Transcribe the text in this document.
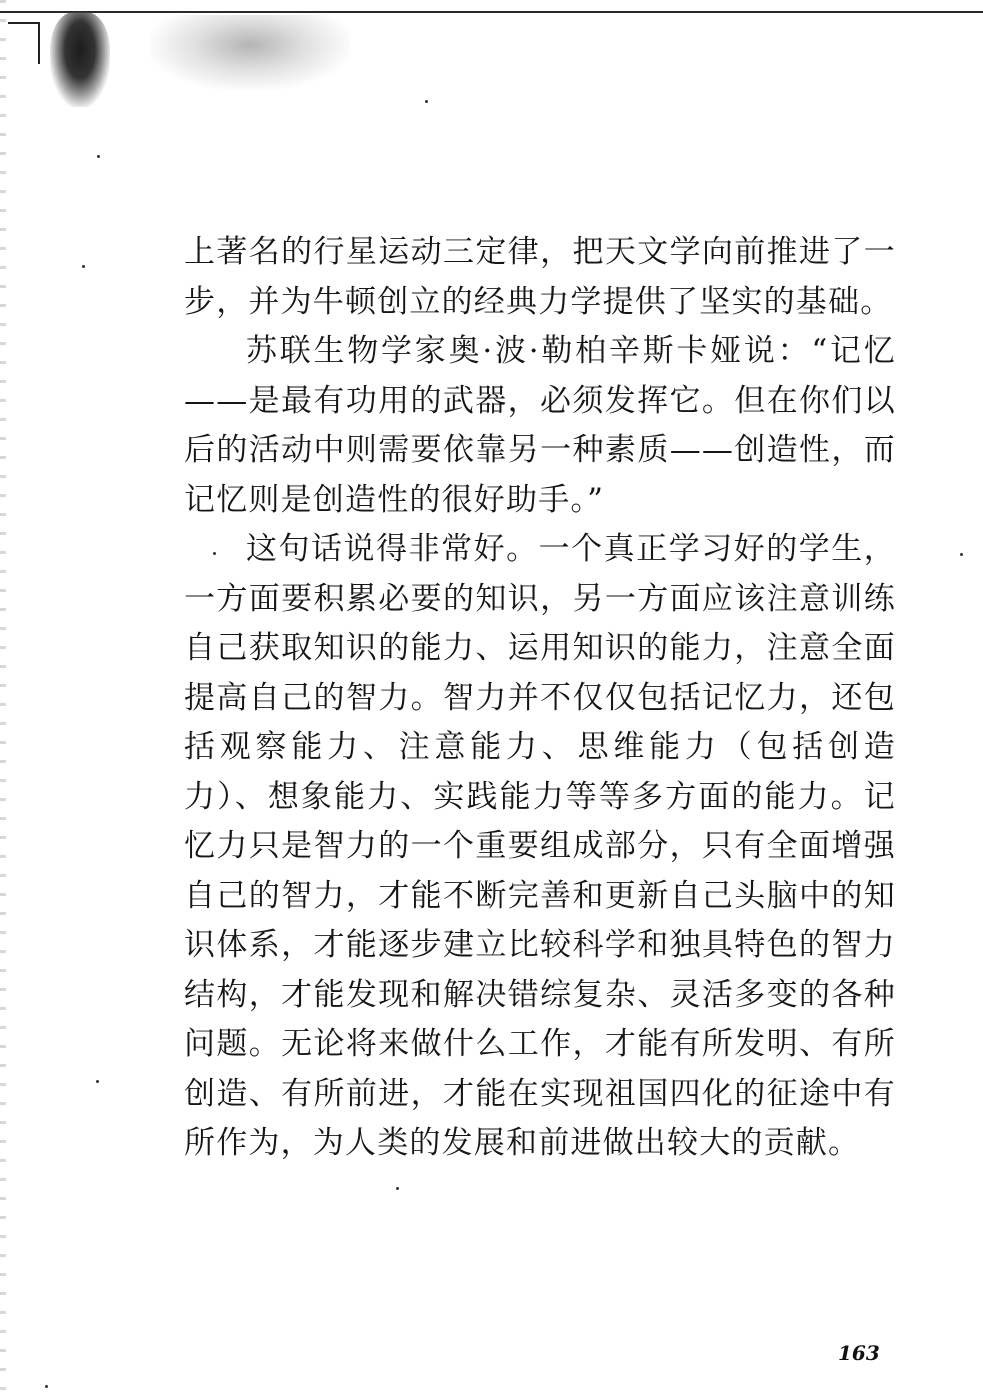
上著名的行星运动三定律，把天文学向前推进了一步，并为牛顿创立的经典力学提供了坚实的基础。

苏联生物学家奥·波·勒柏辛斯卡娅说：“记忆——是最有功用的武器，必须发挥它。但在你们以后的活动中则需要依靠另一种素质——创造性，而记忆则是创造性的很好助手。”

这句话说得非常好。一个真正学习好的学生，一方面要积累必要的知识，另一方面应该注意训练自己获取知识的能力、运用知识的能力，注意全面提高自己的智力。智力并不仅仅包括记忆力，还包括观察能力、注意能力、思维能力（包括创造力）、想象能力、实践能力等等多方面的能力。记忆力只是智力的一个重要组成部分，只有全面增强自己的智力，才能不断完善和更新自己头脑中的知识体系，才能逐步建立比较科学和独具特色的智力结构，才能发现和解决错综复杂、灵活多变的各种问题。无论将来做什么工作，才能有所发明、有所创造、有所前进，才能在实现祖国四化的征途中有所作为，为人类的发展和前进做出较大的贡献。

163
